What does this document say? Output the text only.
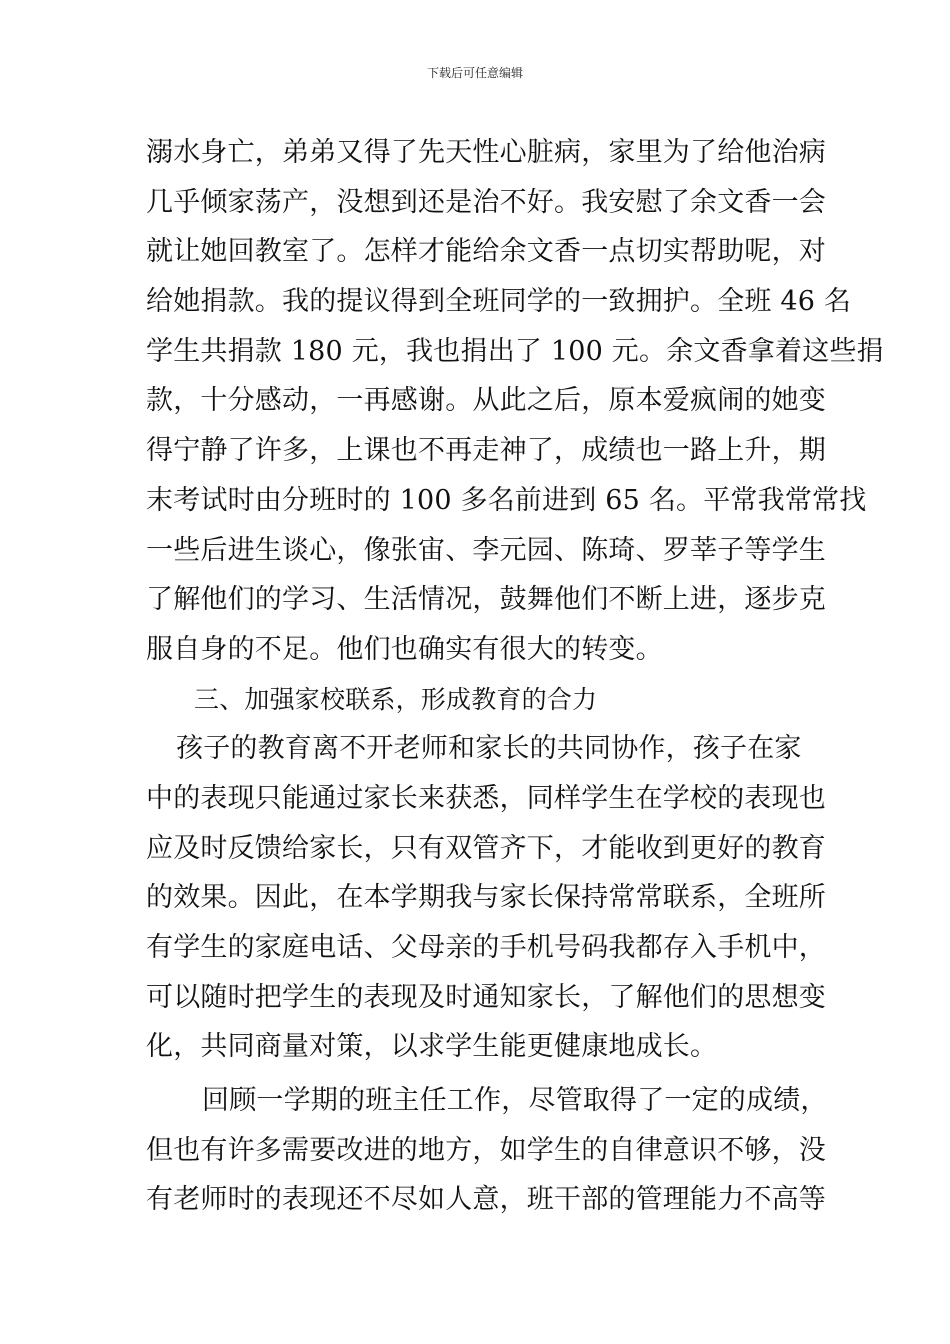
下载后可任意编辑
溺水身亡，弟弟又得了先天性心脏病，家里为了给他治病
几乎倾家荡产，没想到还是治不好。我安慰了余文香一会
就让她回教室了。怎样才能给余文香一点切实帮助呢，对
给她捐款。我的提议得到全班同学的一致拥护。全班 46 名
学生共捐款 180 元，我也捐出了 100 元。余文香拿着这些捐
款，十分感动，一再感谢。从此之后，原本爱疯闹的她变
得宁静了许多，上课也不再走神了，成绩也一路上升，期
末考试时由分班时的 100 多名前进到 65 名。平常我常常找
一些后进生谈心，像张宙、李元园、陈琦、罗莘子等学生
了解他们的学习、生活情况，鼓舞他们不断上进，逐步克
服自身的不足。他们也确实有很大的转变。
三、加强家校联系，形成教育的合力
孩子的教育离不开老师和家长的共同协作，孩子在家
中的表现只能通过家长来获悉，同样学生在学校的表现也
应及时反馈给家长，只有双管齐下，才能收到更好的教育
的效果。因此，在本学期我与家长保持常常联系，全班所
有学生的家庭电话、父母亲的手机号码我都存入手机中，
可以随时把学生的表现及时通知家长，了解他们的思想变
化，共同商量对策，以求学生能更健康地成长。
回顾一学期的班主任工作，尽管取得了一定的成绩，
但也有许多需要改进的地方，如学生的自律意识不够，没
有老师时的表现还不尽如人意，班干部的管理能力不高等
